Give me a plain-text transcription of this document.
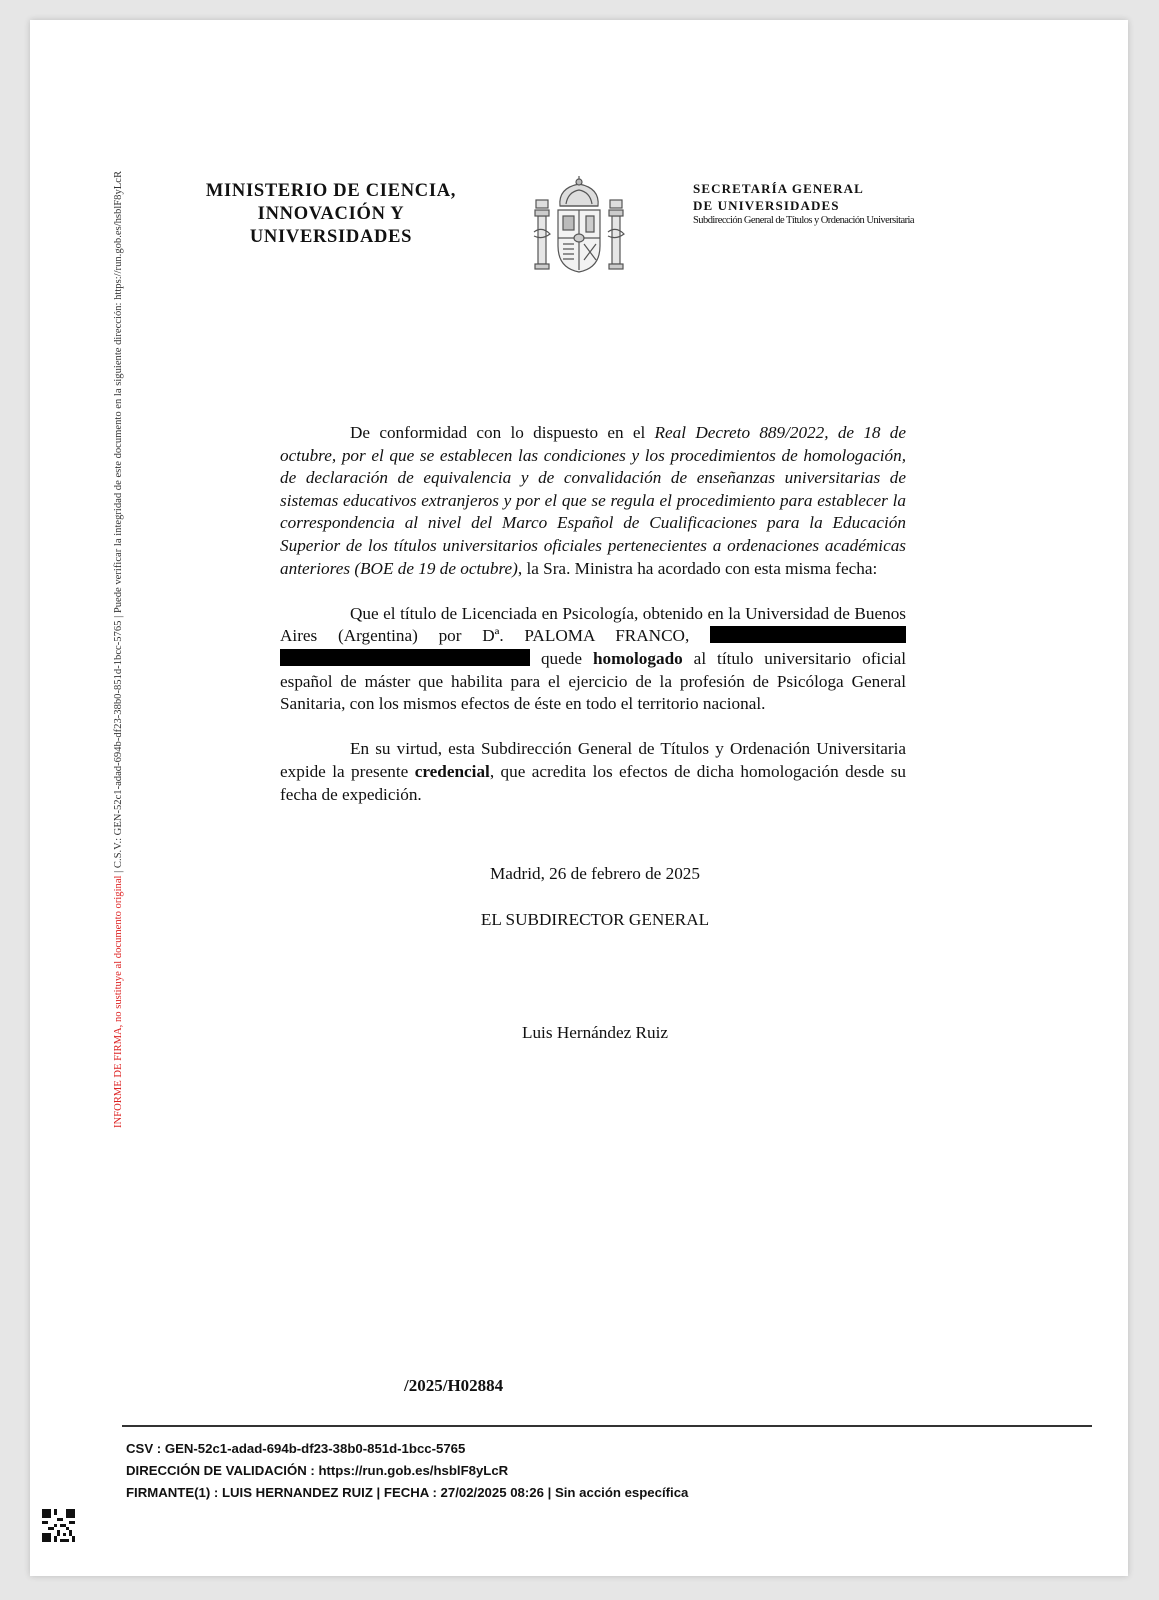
INFORME DE FIRMA, no sustituye al documento original | C.S.V.: GEN-52c1-adad-694b-df23-38b0-851d-1bcc-5765 | Puede verificar la integridad de este documento en la siguiente dirección: https://run.gob.es/hsblF8yLcR	MINISTERIO DE CIENCIA,
INNOVACIÓN Y
UNIVERSIDADES
SECRETARÍA GENERAL
DE UNIVERSIDADES
Subdirección General de Títulos y Ordenación Universitaria

De conformidad con lo dispuesto en el Real Decreto 889/2022, de 18 de octubre, por el que se establecen las condiciones y los procedimientos de homologación, de declaración de equivalencia y de convalidación de enseñanzas universitarias de sistemas educativos extranjeros y por el que se regula el procedimiento para establecer la correspondencia al nivel del Marco Español de Cualificaciones para la Educación Superior de los títulos universitarios oficiales pertenecientes a ordenaciones académicas anteriores (BOE de 19 de octubre), la Sra. Ministra ha acordado con esta misma fecha:

Que el título de Licenciada en Psicología, obtenido en la Universidad de Buenos Aires (Argentina) por Dª. PALOMA FRANCO,   quede homologado al título universitario oficial español de máster que habilita para el ejercicio de la profesión de Psicóloga General Sanitaria, con los mismos efectos de éste en todo el territorio nacional.

En su virtud, esta Subdirección General de Títulos y Ordenación Universitaria expide la presente credencial, que acredita los efectos de dicha homologación desde su fecha de expedición.

Madrid, 26 de febrero de 2025
EL SUBDIRECTOR GENERAL
Luis Hernández Ruiz
/2025/H02884
CSV : GEN-52c1-adad-694b-df23-38b0-851d-1bcc-5765
DIRECCIÓN DE VALIDACIÓN : https://run.gob.es/hsblF8yLcR
FIRMANTE(1) : LUIS HERNANDEZ RUIZ | FECHA : 27/02/2025 08:26 | Sin acción específica
